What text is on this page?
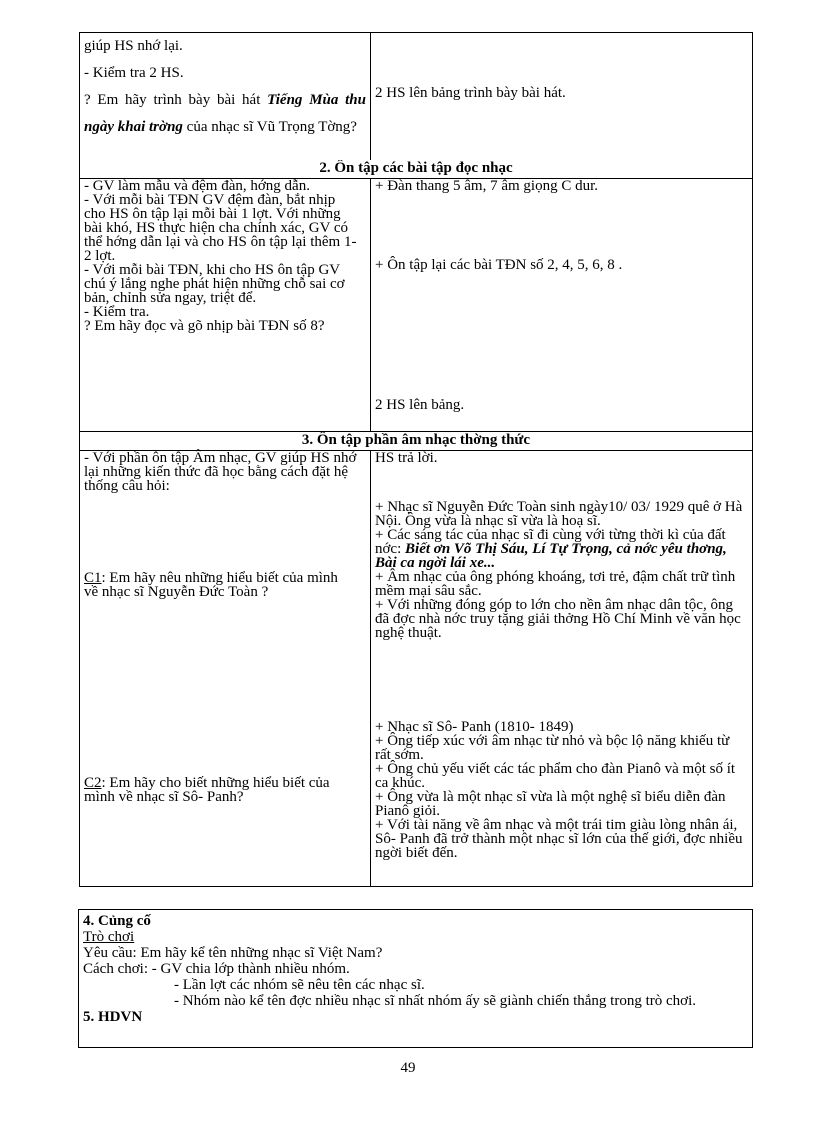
giúp HS nhớ lại.

- Kiểm tra 2 HS.

? Em hãy trình bày bài hát Tiếng Mùa thu ngày khai trờng của nhạc sĩ Vũ Trọng Tờng?

2 HS lên bảng trình bày bài hát.

2. Ôn tập các bài tập đọc nhạc

- GV làm mẫu và đệm đàn, hớng dẫn.

- Với mỗi bài TĐN GV đệm đàn, bắt nhịp cho HS ôn tập lại mỗi bài 1 lợt. Với những bài khó, HS thực hiện cha chính xác, GV có thể hớng dẫn lại và cho HS ôn tập lại thêm 1- 2 lợt.

- Với mỗi bài TĐN, khi cho HS ôn tập GV chú ý lắng nghe phát hiện những chỗ sai cơ bản, chỉnh sửa ngay, triệt để.

- Kiểm tra.

? Em hãy đọc và gõ nhịp bài TĐN số 8?

+ Đàn thang 5 âm, 7 âm giọng C dur.

+ Ôn tập lại các bài TĐN số 2, 4, 5, 6, 8 .

2 HS lên bảng.

3. Ôn tập phần âm nhạc thờng thức

- Với phần ôn tập Âm nhạc, GV giúp HS nhớ lại những kiến thức đã học bằng cách đặt hệ thống câu hỏi:

C1: Em hãy nêu những hiểu biết của mình về nhạc sĩ Nguyễn Đức Toàn ?

C2: Em hãy cho biết những hiểu biết của mình về nhạc sĩ Sô- Panh?

HS trả lời.

+ Nhạc sĩ Nguyễn Đức Toàn sinh ngày10/ 03/ 1929 quê ở Hà Nội. Ông vừa là nhạc sĩ vừa là hoạ sĩ.

+ Các sáng tác của nhạc sĩ đi cùng với từng thời kì của đất nớc: Biết ơn Võ Thị Sáu, Lí Tự Trọng, cả nớc yêu thơng, Bài ca ngời lái xe...

+ Âm nhạc của ông phóng khoáng, tơi trẻ, đậm chất trữ tình mềm mại sâu sắc.

+ Với những đóng góp to lớn cho nền âm nhạc dân tộc, ông đã đợc nhà nớc truy tặng giải thởng Hồ Chí Minh về văn học nghệ thuật.

+ Nhạc sĩ Sô- Panh (1810- 1849)

+ Ông tiếp xúc với âm nhạc từ nhỏ và bộc lộ năng khiếu từ rất sớm.

+ Ông chủ yếu viết các tác phẩm cho đàn Pianô và một số ít ca khúc.

+ Ông vừa là một nhạc sĩ vừa là một nghệ sĩ biểu diễn đàn Pianô giỏi.

+ Với tài năng về âm nhạc và một trái tim giàu lòng nhân ái, Sô- Panh đã trở thành một nhạc sĩ lớn của thế giới, đợc nhiều ngời biết đến.

4. Củng cố

Trò chơi

Yêu cầu: Em hãy kể tên những nhạc sĩ Việt Nam?

Cách chơi: - GV chia lớp thành nhiều nhóm.

- Lần lợt các nhóm sẽ nêu tên các nhạc sĩ.

- Nhóm nào kể tên đợc nhiều nhạc sĩ nhất nhóm ấy sẽ giành chiến thắng trong trò chơi.

5. HDVN

49
